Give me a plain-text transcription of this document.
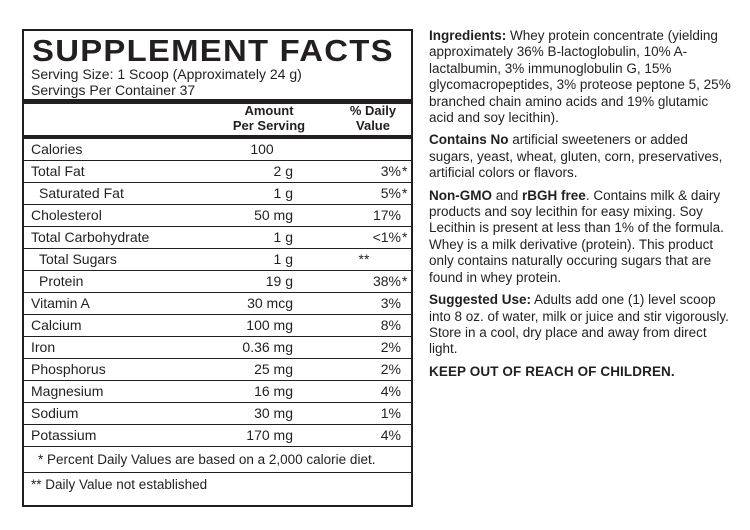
SUPPLEMENT FACTS
Serving Size: 1 Scoop (Approximately 24 g)
Servings Per Container 37
Amount
Per Serving
% Daily
Value
Calories	100
Total Fat	2 g	3% *
Saturated Fat	1 g	5% *
Cholesterol	50 mg	17%
Total Carbohydrate	1 g	<1% *
Total Sugars	1 g	**
Protein	19 g	38% *
Vitamin A	30 mcg	3%
Calcium	100 mg	8%
Iron	0.36 mg	2%
Phosphorus	25 mg	2%
Magnesium	16 mg	4%
Sodium	30 mg	1%
Potassium	170 mg	4%
* Percent Daily Values are based on a 2,000 calorie diet.
** Daily Value not established

Ingredients: Whey protein concentrate (yielding approximately 36% B-lactoglobulin, 10% A-lactalbumin, 3% immunoglobulin G, 15% glycomacropeptides, 3% proteose peptone 5, 25% branched chain amino acids and 19% glutamic acid and soy lecithin).

Contains No artificial sweeteners or added sugars, yeast, wheat, gluten, corn, preservatives, artificial colors or flavors.

Non-GMO and rBGH free. Contains milk & dairy products and soy lecithin for easy mixing. Soy Lecithin is present at less than 1% of the formula. Whey is a milk derivative (protein). This product only contains naturally occuring sugars that are found in whey protein.

Suggested Use: Adults add one (1) level scoop into 8 oz. of water, milk or juice and stir vigorously. Store in a cool, dry place and away from direct light.

KEEP OUT OF REACH OF CHILDREN.
